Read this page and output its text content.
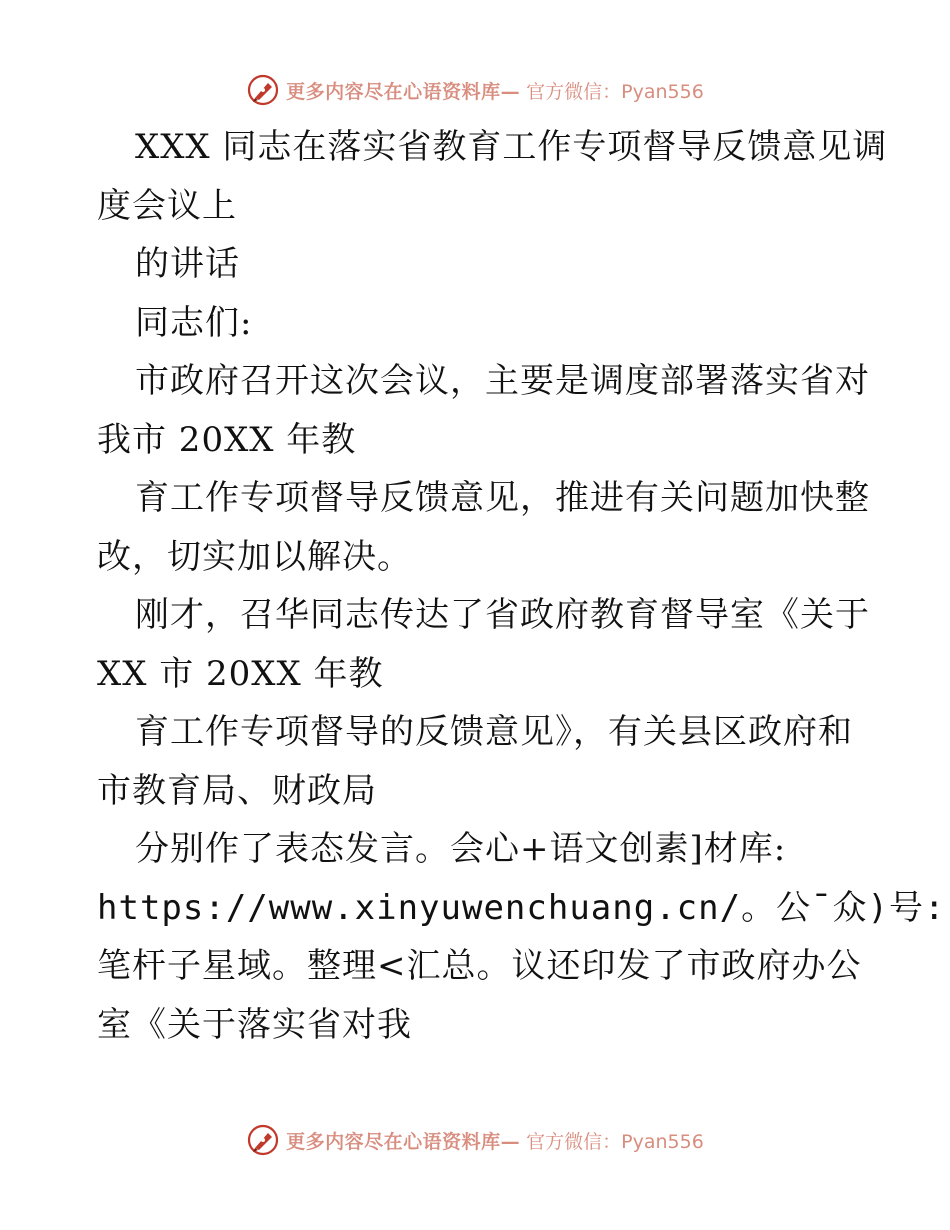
更多内容尽在心语资料库— 官方微信：Pyan556
XXX 同志在落实省教育工作专项督导反馈意见调
度会议上
的讲话
同志们:
市政府召开这次会议，主要是调度部署落实省对
我市 20XX 年教
育工作专项督导反馈意见，推进有关问题加快整
改，切实加以解决。
刚才，召华同志传达了省政府教育督导室《关于
XX 市 20XX 年教
育工作专项督导的反馈意见》，有关县区政府和
市教育局、财政局
分别作了表态发言。会心+语文创素]材库:
https://www.xinyuwenchuang.cn/。公¯众)号:
笔杆子星域。整理<汇总。议还印发了市政府办公
室《关于落实省对我
更多内容尽在心语资料库— 官方微信：Pyan556
